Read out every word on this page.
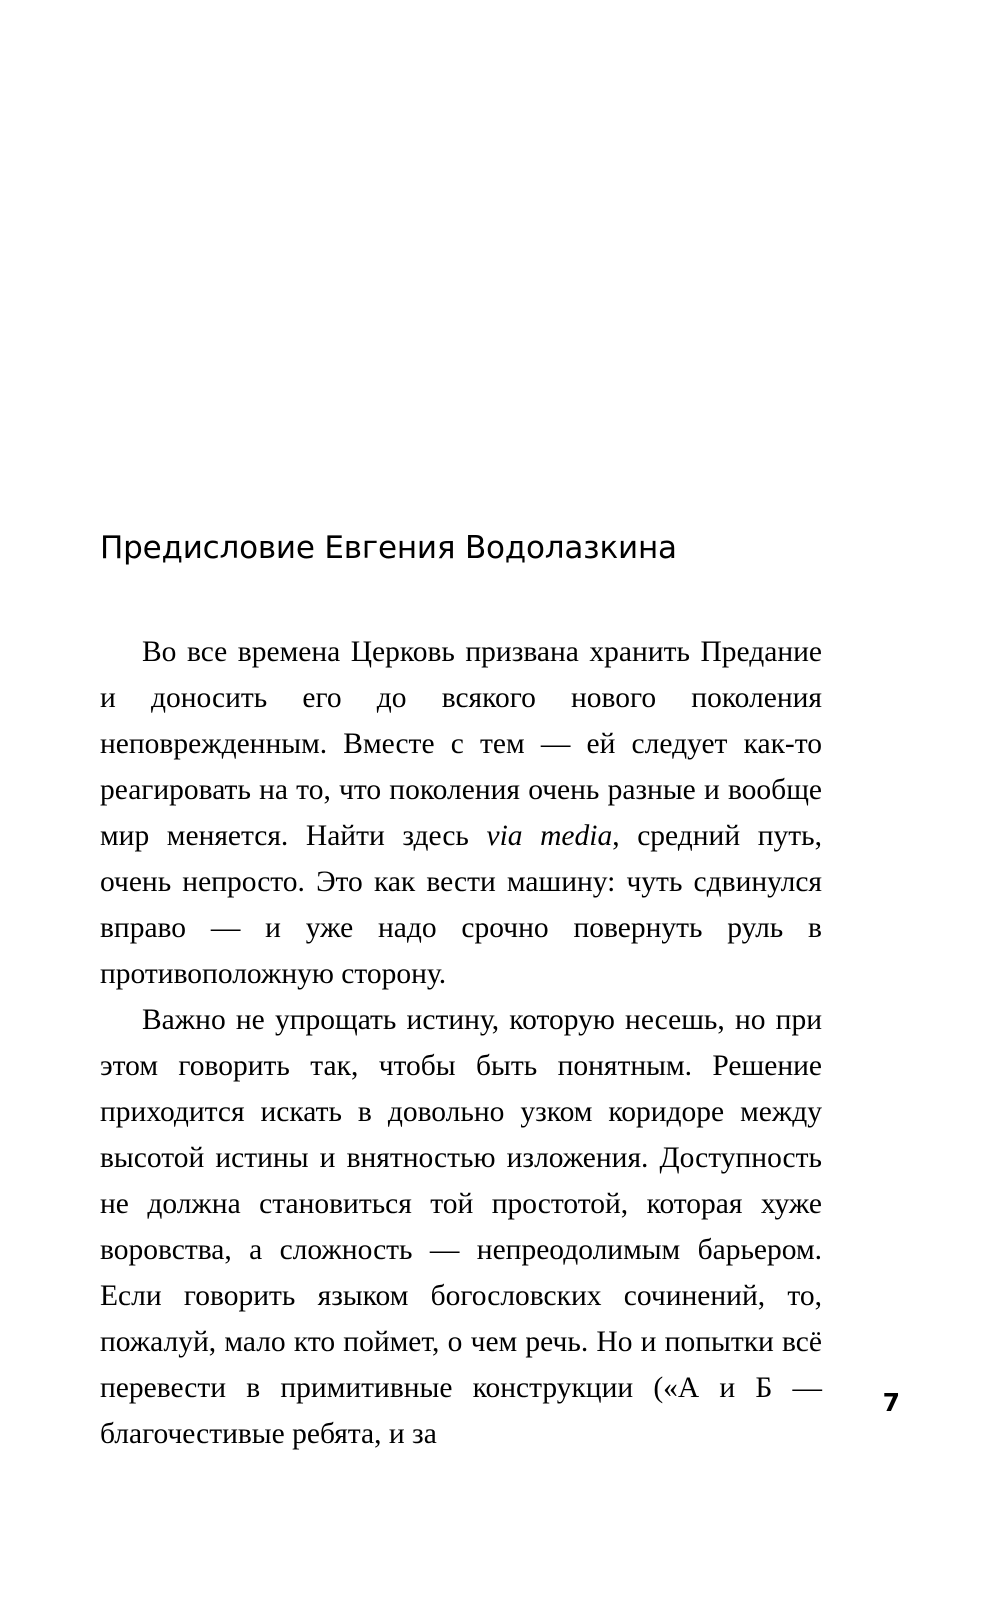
Предисловие Евгения Водолазкина

Во все времена Церковь призвана хранить Предание и доносить его до всякого нового поколения неповрежденным. Вместе с тем — ей следует как-то реагировать на то, что поколения очень разные и вообще мир меняется. Найти здесь via media, средний путь, очень непросто. Это как вести машину: чуть сдвинулся вправо — и уже надо срочно повернуть руль в противоположную сторону.

Важно не упрощать истину, которую несешь, но при этом говорить так, чтобы быть понятным. Решение приходится искать в довольно узком коридоре между высотой истины и внятностью изложения. Доступность не должна становиться той простотой, которая хуже воровства, а сложность — непреодолимым барьером. Если говорить языком богословских сочинений, то, пожалуй, мало кто поймет, о чем речь. Но и попытки всё перевести в примитивные конструкции («А и Б — благочестивые ребята, и за

7
